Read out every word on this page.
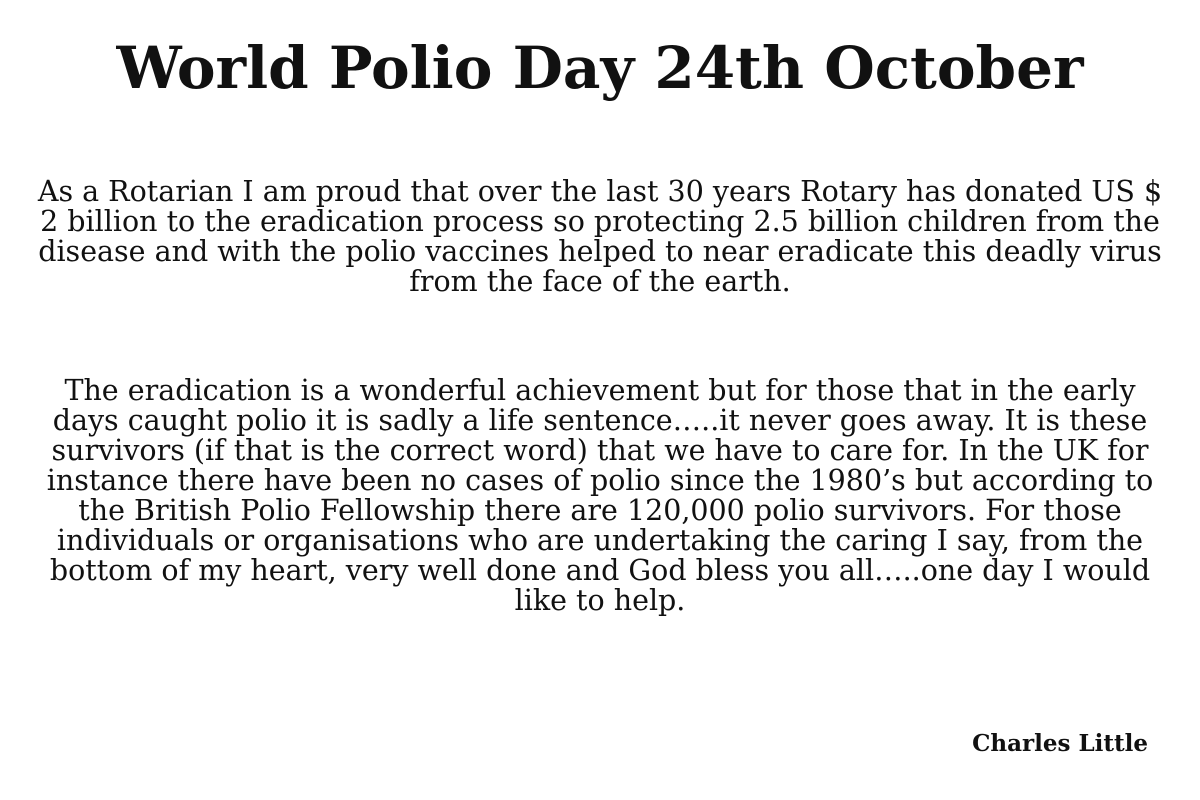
World Polio Day 24th October

As a Rotarian I am proud that over the last 30 years Rotary has donated US $ 2 billion to the eradication process so protecting 2.5 billion children from the disease and with the polio vaccines helped to near eradicate this deadly virus from the face of the earth.

The eradication is a wonderful achievement but for those that in the early days caught polio it is sadly a life sentence…..it never goes away. It is these survivors (if that is the correct word) that we have to care for. In the UK for instance there have been no cases of polio since the 1980’s but according to the British Polio Fellowship there are 120,000 polio survivors. For those individuals or organisations who are undertaking the caring I say, from the bottom of my heart, very well done and God bless you all…..one day I would like to help.

Charles Little
